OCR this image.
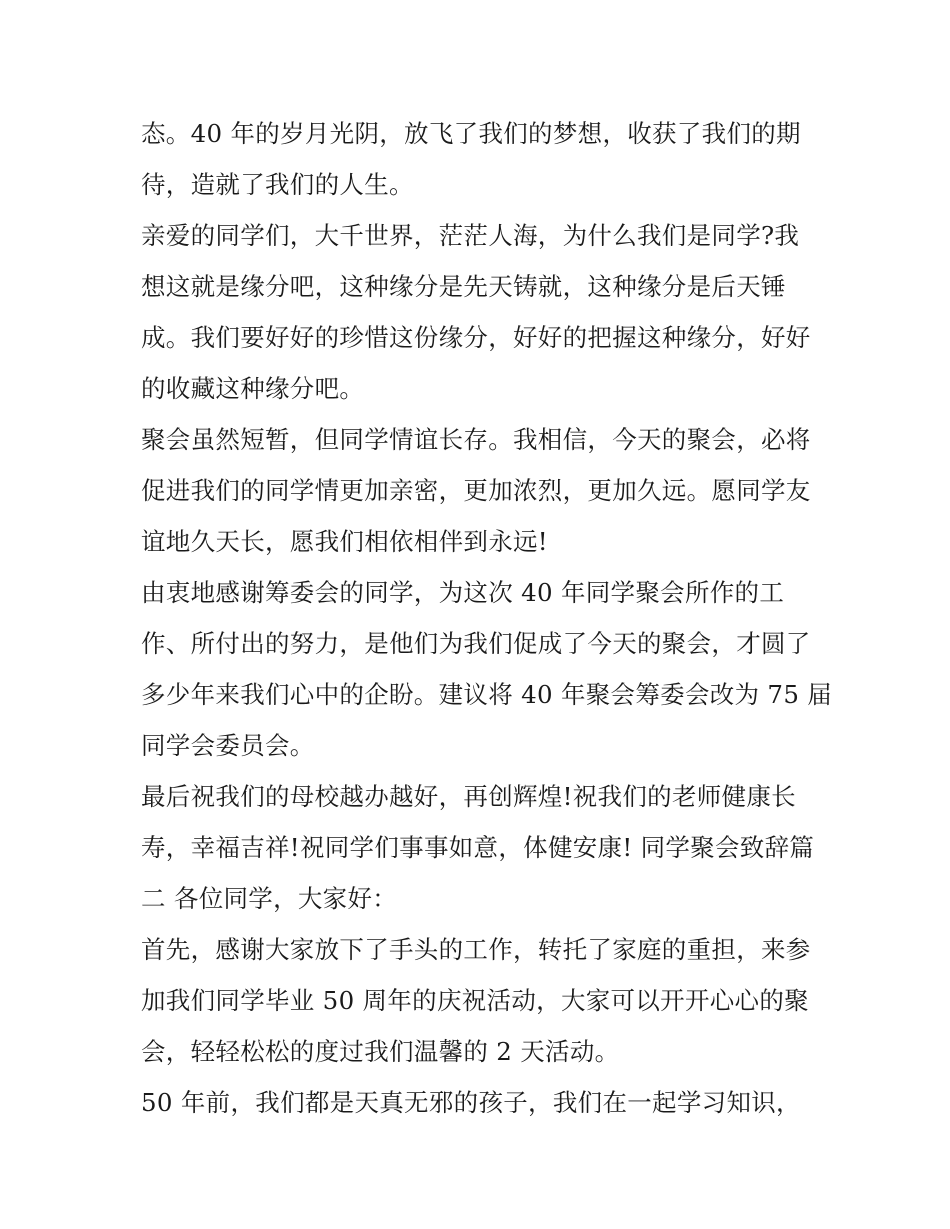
态。40 年的岁月光阴，放飞了我们的梦想，收获了我们的期
待，造就了我们的人生。
亲爱的同学们，大千世界，茫茫人海，为什么我们是同学?我
想这就是缘分吧，这种缘分是先天铸就，这种缘分是后天锤
成。我们要好好的珍惜这份缘分，好好的把握这种缘分，好好
的收藏这种缘分吧。
聚会虽然短暂，但同学情谊长存。我相信，今天的聚会，必将
促进我们的同学情更加亲密，更加浓烈，更加久远。愿同学友
谊地久天长，愿我们相依相伴到永远!
由衷地感谢筹委会的同学，为这次 40 年同学聚会所作的工
作、所付出的努力，是他们为我们促成了今天的聚会，才圆了
多少年来我们心中的企盼。建议将 40 年聚会筹委会改为 75 届
同学会委员会。
最后祝我们的母校越办越好，再创辉煌!祝我们的老师健康长
寿，幸福吉祥!祝同学们事事如意，体健安康! 同学聚会致辞篇
二 各位同学，大家好：
首先，感谢大家放下了手头的工作，转托了家庭的重担，来参
加我们同学毕业 50 周年的庆祝活动，大家可以开开心心的聚
会，轻轻松松的度过我们温馨的 2 天活动。
50 年前，我们都是天真无邪的孩子，我们在一起学习知识，
